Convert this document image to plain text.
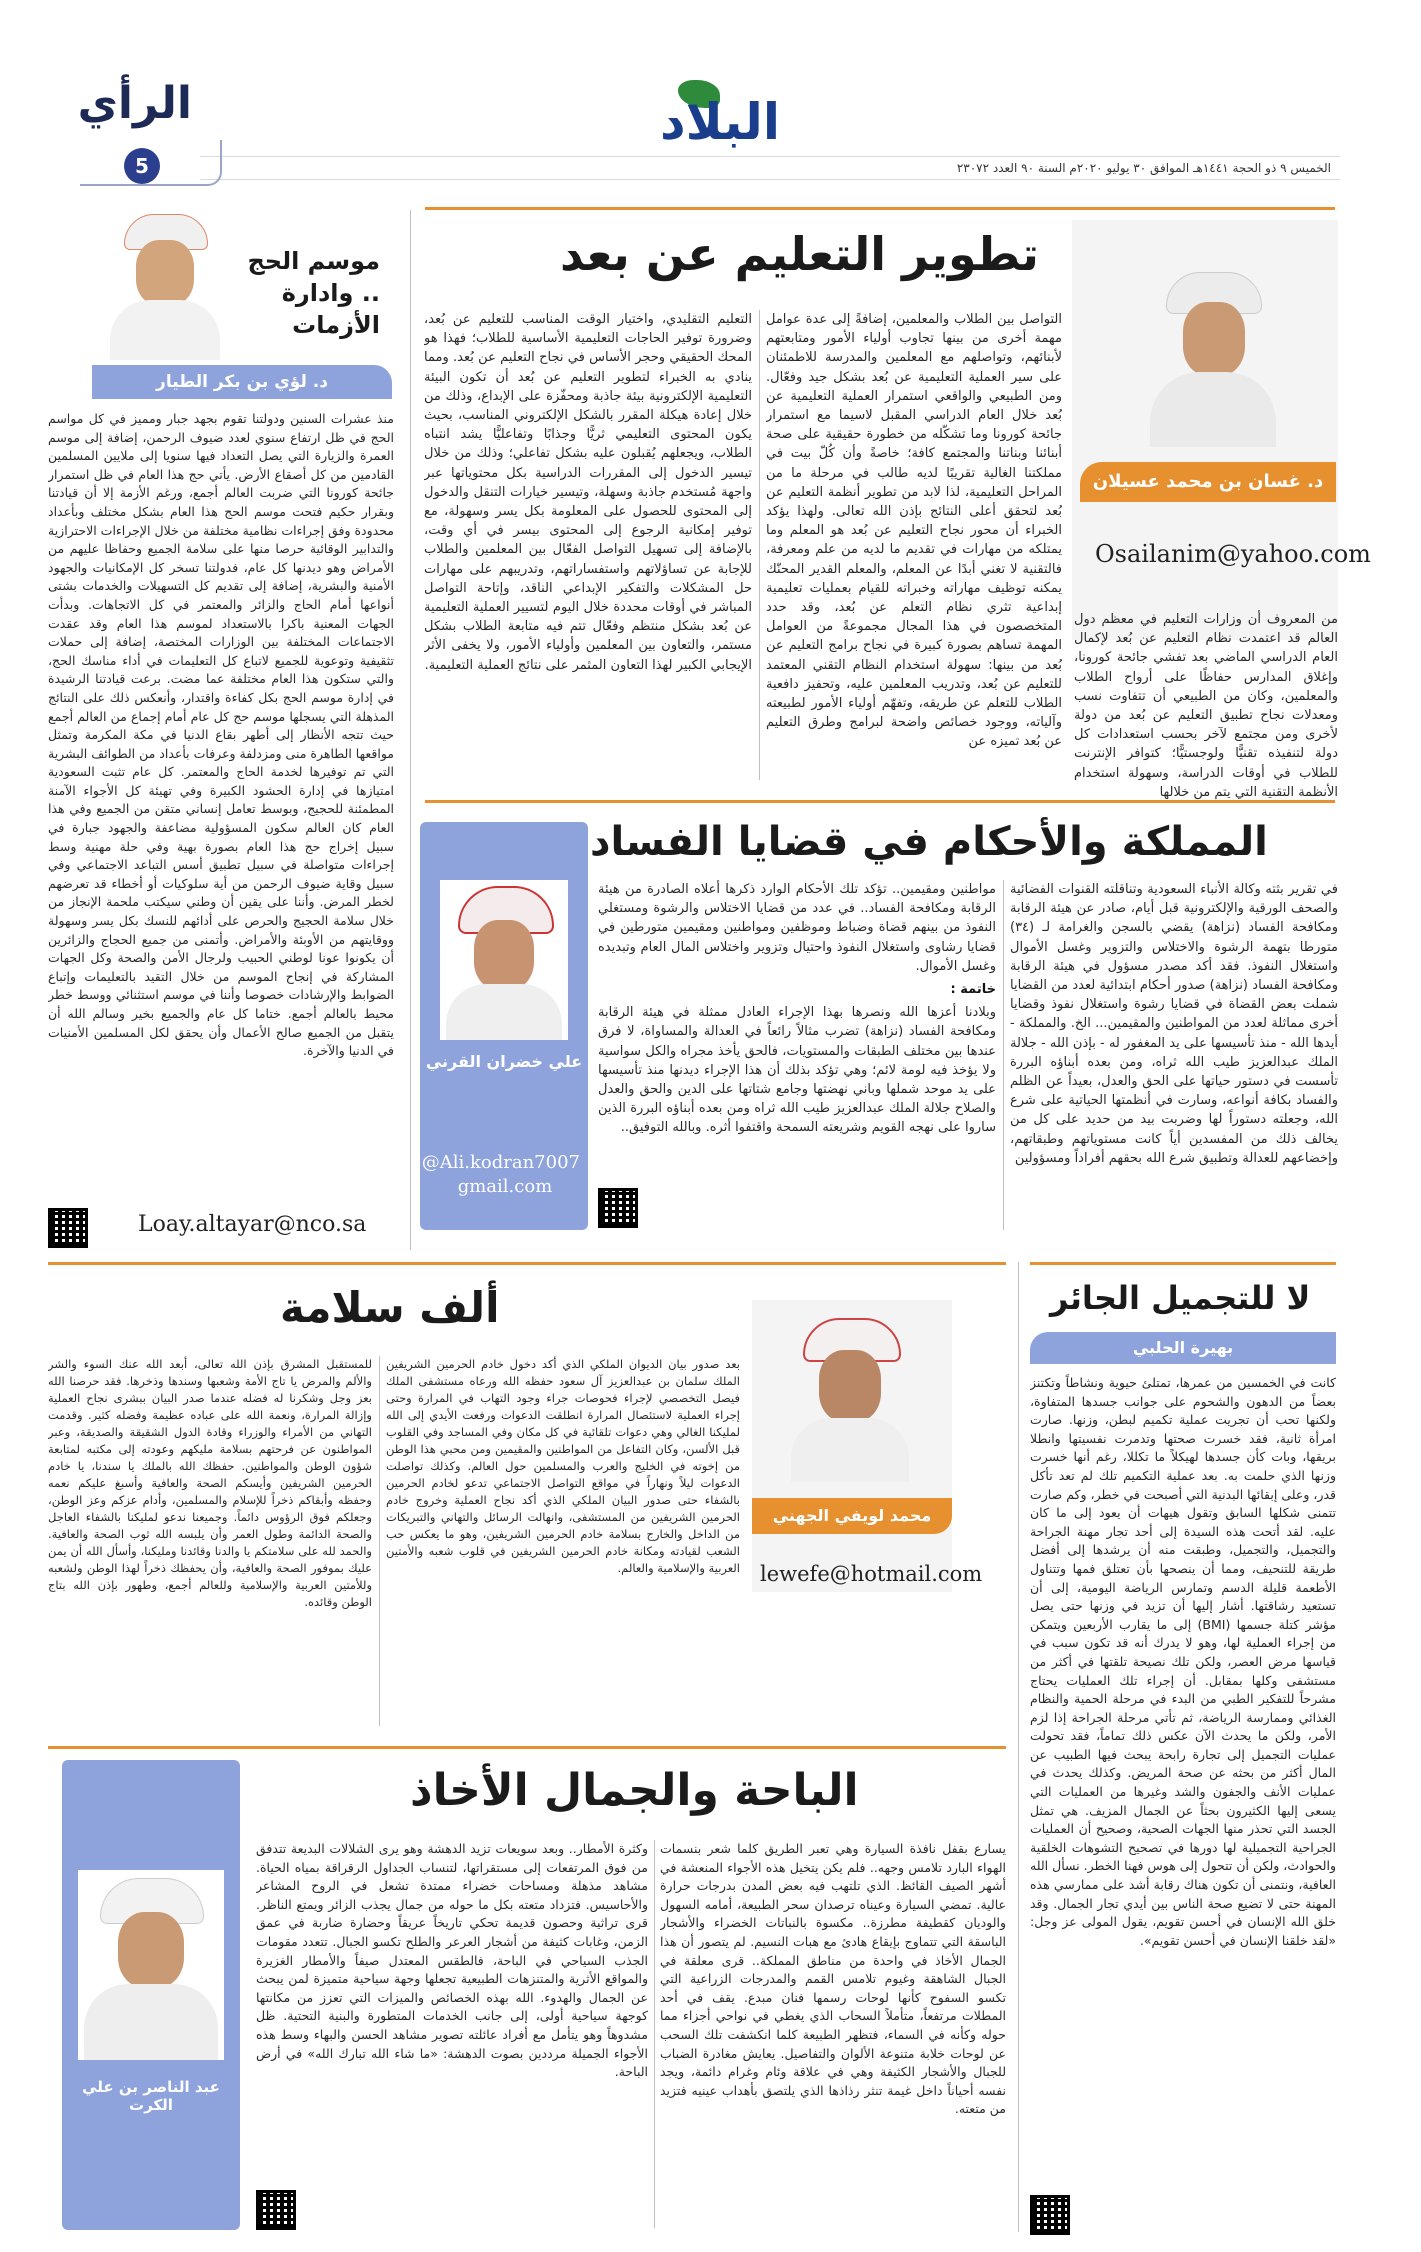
البلاد
الرأي
5	الخميس ٩ ذو الحجة ١٤٤١هـ الموافق ٣٠ يوليو ٢٠٢٠م السنة ٩٠ العدد ٢٣٠٧٢
تطوير التعليم عن بعد
د. غسان بن محمد عسيلان
Osailanim@yahoo.com

من المعروف أن وزارات التعليم في معظم دول العالم قد اعتمدت نظام التعليم عن بُعد لإكمال العام الدراسي الماضي بعد تفشي جائحة كورونا، وإغلاق المدارس حفاظًا على أرواح الطلاب والمعلمين، وكان من الطبيعي أن تتفاوت نسب ومعدلات نجاح تطبيق التعليم عن بُعد من دولة لأخرى ومن مجتمع لآخر بحسب استعدادات كل دولة لتنفيذه تقنيًّا ولوجستيًّا؛ كتوافر الإنترنت للطلاب في أوقات الدراسة، وسهولة استخدام الأنظمة التقنية التي يتم من خلالها

التواصل بين الطلاب والمعلمين، إضافةً إلى عدة عوامل مهمة أخرى من بينها تجاوب أولياء الأمور ومتابعتهم لأبنائهم، وتواصلهم مع المعلمين والمدرسة للاطمئنان على سير العملية التعليمية عن بُعد بشكل جيد وفعّال. ومن الطبيعي والواقعي استمرار العملية التعليمية عن بُعد خلال العام الدراسي المقبل لاسيما مع استمرار جائحة كورونا وما تشكّله من خطورة حقيقية على صحة أبنائنا وبناتنا والمجتمع كافة؛ خاصةً وأن كُلّ بيت في مملكتنا الغالية تقريبًا لديه طالب في مرحلة ما من المراحل التعليمية، لذا لابد من تطوير أنظمة التعليم عن بُعد لتحقق أعلى النتائج بإذن الله تعالى. ولهذا يؤكد الخبراء أن محور نجاح التعليم عن بُعد هو المعلم وما يمتلكه من مهارات في تقديم ما لديه من علم ومعرفة، فالتقنية لا تغني أبدًا عن المعلم، والمعلم القدير المحنّك يمكنه توظيف مهاراته وخبراته للقيام بعمليات تعليمية إبداعية تثري نظام التعلم عن بُعد، وقد حدد المتخصصون في هذا المجال مجموعةً من العوامل المهمة تساهم بصورة كبيرة في نجاح برامج التعليم عن بُعد من بينها: سهولة استخدام النظام التقني المعتمد للتعليم عن بُعد، وتدريب المعلمين عليه، وتحفيز دافعية الطلاب للتعلم عن طريقه، وتفهّم أولياء الأمور لطبيعته وآلياته، ووجود خصائص واضحة لبرامج وطرق التعليم عن بُعد تميزه عن

التعليم التقليدي، واختيار الوقت المناسب للتعليم عن بُعد، وضرورة توفير الحاجات التعليمية الأساسية للطلاب؛ فهذا هو المحك الحقيقي وحجر الأساس في نجاح التعليم عن بُعد. ومما ينادي به الخبراء لتطوير التعليم عن بُعد أن تكون البيئة التعليمية الإلكترونية بيئة جاذبة ومحفّزة على الإبداع، وذلك من خلال إعادة هيكلة المقرر بالشكل الإلكتروني المناسب، بحيث يكون المحتوى التعليمي ثريًّا وجذابًا وتفاعليًّا يشد انتباه الطلاب، ويجعلهم يُقبلون عليه بشكل تفاعلي؛ وذلك من خلال تيسير الدخول إلى المقررات الدراسية بكل محتوياتها عبر واجهة مُستخدم جاذبة وسهلة، وتيسير خيارات التنقل والدخول إلى المحتوى للحصول على المعلومة بكل يسر وسهولة، مع توفير إمكانية الرجوع إلى المحتوى بيسر في أي وقت، بالإضافة إلى تسهيل التواصل الفعّال بين المعلمين والطلاب للإجابة عن تساؤلاتهم واستفساراتهم، وتدريبهم على مهارات حل المشكلات والتفكير الإبداعي الناقد، وإتاحة التواصل المباشر في أوقات محددة خلال اليوم لتسيير العملية التعليمية عن بُعد بشكل منتظم وفعّال تتم فيه متابعة الطلاب بشكل مستمر، والتعاون بين المعلمين وأولياء الأمور، ولا يخفى الأثر الإيجابي الكبير لهذا التعاون المثمر على نتائج العملية التعليمية.

موسم الحج .. وادارة الأزمات
د. لؤي بن بكر الطيار

منذ عشرات السنين ودولتنا تقوم بجهد جبار ومميز في كل مواسم الحج في ظل ارتفاع سنوي لعدد ضيوف الرحمن، إضافة إلى موسم العمرة والزيارة التي يصل التعداد فيها سنويا إلى ملايين المسلمين القادمين من كل أصقاع الأرض. يأتي حج هذا العام في ظل استمرار جائحة كورونا التي ضربت العالم أجمع، ورغم الأزمة إلا أن قيادتنا وبقرار حكيم فتحت موسم الحج هذا العام بشكل مختلف وبأعداد محدودة وفق إجراءات نظامية مختلفة من خلال الإجراءات الاحترازية والتدابير الوقائية حرصا منها على سلامة الجميع وحفاظا عليهم من الأمراض وهو ديدنها كل عام، فدولتنا تسخر كل الإمكانيات والجهود الأمنية والبشرية، إضافة إلى تقديم كل التسهيلات والخدمات بشتى أنواعها أمام الحاج والزائر والمعتمر في كل الاتجاهات. وبدأت الجهات المعنية باكرا بالاستعداد لموسم هذا العام وقد عقدت الاجتماعات المختلفة بين الوزارات المختصة، إضافة إلى حملات تثقيفية وتوعوية للجميع لاتباع كل التعليمات في أداء مناسك الحج، والتي ستكون هذا العام مختلفة عما مضت. برعت قيادتنا الرشيدة في إدارة موسم الحج بكل كفاءة واقتدار، وأنعكس ذلك على النتائج المذهلة التي يسجلها موسم حج كل عام أمام إجماع من العالم أجمع حيث تتجه الأنظار إلى أطهر بقاع الدنيا في مكة المكرمة وتمثل مواقعها الطاهرة منى ومزدلفة وعرفات بأعداد من الطوائف البشرية التي تم توفيرها لخدمة الحاج والمعتمر. كل عام تثبت السعودية امتيازها في إدارة الحشود الكبيرة وفي تهيئة كل الأجواء الآمنة المطمئنة للحجيج، وبوسط تعامل إنساني متقن من الجميع وفي هذا العام كان العالم سكون المسؤولية مضاعفة والجهود جبارة في سبيل إخراج حج هذا العام بصورة بهية وفي حلة مهنية وسط إجراءات متواصلة في سبيل تطبيق أسس التباعد الاجتماعي وفي سبيل وقاية ضيوف الرحمن من أية سلوكيات أو أخطاء قد تعرضهم لخطر المرض. وأننا على يقين أن وطني سيكتب ملحمة الإنجاز من خلال سلامة الحجيج والحرص على أدائهم للنسك بكل يسر وسهولة ووقايتهم من الأوبئة والأمراض. وأتمنى من جميع الحجاج والزائرين أن يكونوا عونا لوطني الحبيب ولرجال الأمن والصحة وكل الجهات المشاركة في إنجاح الموسم من خلال التقيد بالتعليمات وإتباع الضوابط والإرشادات خصوصا وأننا في موسم استثنائي ووسط خطر محيط بالعالم أجمع. ختاما كل عام والجميع بخير وسالم الله أن يتقبل من الجميع صالح الأعمال وأن يحقق لكل المسلمين الأمنيات في الدنيا والآخرة.

Loay.altayar@nco.sa
المملكة والأحكام في قضايا الفساد
علي خضران القرني
Ali.kodran7007@
gmail.com

في تقرير بثته وكالة الأنباء السعودية وتناقلته القنوات الفضائية والصحف الورقية والإلكترونية قبل أيام، صادر عن هيئة الرقابة ومكافحة الفساد (نزاهة) يقضي بالسجن والغرامة لـ (٣٤) متورطا بتهمة الرشوة والاختلاس والتزوير وغسل الأموال واستغلال النفوذ. فقد أكد مصدر مسؤول في هيئة الرقابة ومكافحة الفساد (نزاهة) صدور أحكام ابتدائية لعدد من القضايا شملت بعض القضاة في قضايا رشوة واستغلال نفوذ وقضايا أخرى مماثلة لعدد من المواطنين والمقيمين... الخ. والمملكة - أيدها الله - منذ تأسيسها على يد المغفور له - بإذن الله - جلالة الملك عبدالعزيز طيب الله ثراه، ومن بعده أبناؤه البررة تأسست في دستور حياتها على الحق والعدل، بعيداً عن الظلم والفساد بكافة أنواعه، وسارت في أنظمتها الحياتية على شرع الله، وجعلته دستوراً لها وضربت بيد من حديد على كل من يخالف ذلك من المفسدين أياً كانت مستوياتهم وطبقاتهم، وإخضاعهم للعدالة وتطبيق شرع الله بحقهم أفراداً ومسؤولين

مواطنين ومقيمين.. تؤكد تلك الأحكام الوارد ذكرها أعلاه الصادرة من هيئة الرقابة ومكافحة الفساد.. في عدد من قضايا الاختلاس والرشوة ومستغلي النفوذ من بينهم قضاة وضباط وموظفين ومواطنين ومقيمين متورطين في قضايا رشاوى واستغلال النفوذ واحتيال وتزوير واختلاس المال العام وتبديده وغسل الأموال.

خاتمة :

وبلادنا أعزها الله ونصرها بهذا الإجراء العادل ممثلة في هيئة الرقابة ومكافحة الفساد (نزاهة) تضرب مثالاً رائعاً في العدالة والمساواة، لا فرق عندها بين مختلف الطبقات والمستويات، فالحق يأخذ مجراه والكل سواسية ولا يؤخذ فيه لومة لائم؛ وهي تؤكد بذلك أن هذا الإجراء ديدنها منذ تأسيسها على يد موحد شملها وباني نهضتها وجامع شتاتها على الدين والحق والعدل والصلاح جلالة الملك عبدالعزيز طيب الله ثراه ومن بعده أبناؤه البررة الذين ساروا على نهجه القويم وشريعته السمحة واقتفوا أثره. وبالله التوفيق..

لا للتجميل الجائر
بهيرة الحلبي

كانت في الخمسين من عمرها، تمتلئ حيوية ونشاطاً وتكتنز بعضاً من الدهون والشحوم على جوانب جسدها المتفاوة، ولكنها تحب أن تجريت عملية تكميم لبطن، وزنها. صارت امرأة ثانية، فقد خسرت صحتها وتدمرت نفسيتها وانطلا بريقها، وبات كأن جسدها لهيكلاً ما تكللا، رغم أنها خسرت وزنها الذي حلمت به. بعد عملية التكميم تلك لم تعد تأكل قدر، وعلى إبقائها البدنية التي أصبحت في خطر، وكم صارت تتمنى شكلها السابق وتقول هيهات أن يعود إلى ما كان عليه. لقد أتحت هذه السيدة إلى أحد تجار مهنة الجراحة والتجميل، والتجميل، وطبقت منه أن يرشدها إلى أفضل طريقة للتنحيف، ومما أن ينصحها بأن تعتلق فمها وتتناول الأطعمة قليلة الدسم وتمارس الرياضة اليومية، إلى أن تستعيد رشاقتها. أشار إليها أن تزيد في وزنها حتى يصل مؤشر كتلة جسمها (BMI) إلى ما يقارب الأربعين ويتمكن من إجراء العملية لها، وهو لا يدرك أنه قد تكون سبب في قياسها مرض العصر، ولكن تلك نصيحة تلقتها في أكثر من مستشفى وكلها بمقابل. أن إجراء تلك العمليات يحتاج مشرحاً للتفكير الطبي من البدء في مرحلة الحمية والنظام الغذائي وممارسة الرياضة، ثم تأتي مرحلة الجراحة إذا لزم الأمر، ولكن ما يحدث الآن عكس ذلك تماماً، فقد تحولت عمليات التجميل إلى تجارة رابحة يبحث فيها الطبيب عن المال أكثر من بحثه عن صحة المريض. وكذلك يحدث في عمليات الأنف والجفون والشد وغيرها من العمليات التي يسعى إليها الكثيرون بحثاً عن الجمال المزيف. هي تمثل الجسد التي تحذر منها الجهات الصحية، وصحيح أن العمليات الجراحية التجميلية لها دورها في تصحيح التشوهات الخلقية والحوادث، ولكن أن تتحول إلى هوس فهنا الخطر. نسأل الله العافية، ونتمنى أن تكون هناك رقابة أشد على ممارسي هذه المهنة حتى لا تضيع صحة الناس بين أيدي تجار الجمال. وقد خلق الله الإنسان في أحسن تقويم، يقول المولى عز وجل: «لقد خلقنا الإنسان في أحسن تقويم».

ألف سلامة
محمد لويفي الجهني
lewefe@hotmail.com

بعد صدور بيان الديوان الملكي الذي أكد دخول خادم الحرمين الشريفين الملك سلمان بن عبدالعزيز آل سعود حفظه الله ورعاه مستشفى الملك فيصل التخصصي لإجراء فحوصات جراء وجود التهاب في المرارة وحتى إجراء العملية لاستئصال المرارة انطلقت الدعوات ورفعت الأيدي إلى الله لمليكنا الغالي وهي دعوات تلقائية في كل مكان وفي المساجد وفي القلوب قبل الألسن، وكان التفاعل من المواطنين والمقيمين ومن محبي هذا الوطن من إخوته في الخليج والعرب والمسلمين حول العالم. وكذلك تواصلت الدعوات ليلاً ونهاراً في مواقع التواصل الاجتماعي تدعو لخادم الحرمين بالشفاء حتى صدور البيان الملكي الذي أكد نجاح العملية وخروج خادم الحرمين الشريفين من المستشفى، وانهالت الرسائل والتهاني والتبريكات من الداخل والخارج بسلامة خادم الحرمين الشريفين، وهو ما يعكس حب الشعب لقيادته ومكانة خادم الحرمين الشريفين في قلوب شعبه والأمتين العربية والإسلامية والعالم.

للمستقبل المشرق بإذن الله تعالى، أبعد الله عنك السوء والشر والألم والمرض يا تاج الأمة وشعبها وسندها وذخرها. فقد حرصنا الله بعز وجل وشكرنا له فضله عندما صدر البيان ببشرى نجاح العملية وإزالة المرارة، ونعمة الله على عباده عظيمة وفضله كثير. وقدمت التهاني من الأمراء والوزراء وقادة الدول الشقيقة والصديقة، وعبر المواطنون عن فرحتهم بسلامة مليكهم وعودته إلى مكتبه لمتابعة شؤون الوطن والمواطنين. حفظك الله بالملك يا سندنا، يا خادم الحرمين الشريفين وأيسكم الصحة والعافية وأسبغ عليكم نعمه وحفظه وأبقاكم ذخراً للإسلام والمسلمين، وأدام عزكم وعز الوطن، وجعلكم فوق الرؤوس دائماً. وجميعنا ندعو لمليكنا بالشفاء العاجل والصحة الدائمة وطول العمر وأن يلبسه الله ثوب الصحة والعافية. والحمد لله على سلامتكم يا والدنا وقائدنا ومليكنا، وأسأل الله أن يمن عليك بموفور الصحة والعافية، وأن يحفظك ذخراً لهذا الوطن ولشعبه وللأمتين العربية والإسلامية وللعالم أجمع، وطهور بإذن الله بتاج الوطن وقائده.

الباحة والجمال الأخاذ
عبد الناصر بن علي الكرت

يسارع بقفل نافذة السيارة وهي تعبر الطريق كلما شعر بنسمات الهواء البارد تلامس وجهه.. فلم يكن يتخيل هذه الأجواء المنعشة في أشهر الصيف القائظ. الذي تلتهب فيه بعض المدن بدرجات حرارة عالية. تمضي السيارة وعيناه ترصدان سحر الطبيعة، أمامه السهول والوديان كقطيفة مطرزة.. مكسوة بالنباتات الخضراء والأشجار الباسقة التي تتماوج بإيقاع هادئ مع هبات النسيم. لم يتصور أن هذا الجمال الأخاذ في واحدة من مناطق المملكة.. قرى معلقة في الجبال الشاهقة وغيوم تلامس القمم والمدرجات الزراعية التي تكسو السفوح كأنها لوحات رسمها فنان مبدع. يقف في أحد المطلات مرتفعاً، متأملاً السحاب الذي يغطي في نواحي أجزاء مما حوله وكأنه في السماء، فتظهر الطبيعة كلما انكشفت تلك السحب عن لوحات خلابة متنوعة الألوان والتفاصيل. يعايش مغادرة الضباب للجبال والأشجار الكثيفة وهي في علاقة وئام وغرام دائمة، ويجد نفسه أحياناً داخل غيمة تنثر رذاذها الذي يلتصق بأهداب عينيه فتزيد من متعته.

وكثرة الأمطار.. وبعد سويعات تزيد الدهشة وهو يرى الشلالات البديعة تتدفق من فوق المرتفعات إلى مستقراتها، لتنساب الجداول الرقراقة بمياه الحياة. مشاهد مذهلة ومساحات خضراء ممتدة تشعل في الروح المشاعر والأحاسيس. فتزداد متعته بكل ما حوله من جمال يجذب الزائر ويمتع الناظر. قرى تراثية وحصون قديمة تحكي تاريخاً عريقاً وحضارة ضاربة في عمق الزمن، وغابات كثيفة من أشجار العرعر والطلح تكسو الجبال. تتعدد مقومات الجذب السياحي في الباحة، فالطقس المعتدل صيفاً والأمطار الغزيرة والمواقع الأثرية والمتنزهات الطبيعية تجعلها وجهة سياحية متميزة لمن يبحث عن الجمال والهدوء. الله بهذه الخصائص والميزات التي تعزز من مكانتها كوجهة سياحية أولى، إلى جانب الخدمات المتطورة والبنية التحتية. ظل مشدوهاً وهو يتأمل مع أفراد عائلته تصوير مشاهد الحسن والبهاء وسط هذه الأجواء الجميلة مرددين بصوت الدهشة: «ما شاء الله تبارك الله» في أرض الباحة.
